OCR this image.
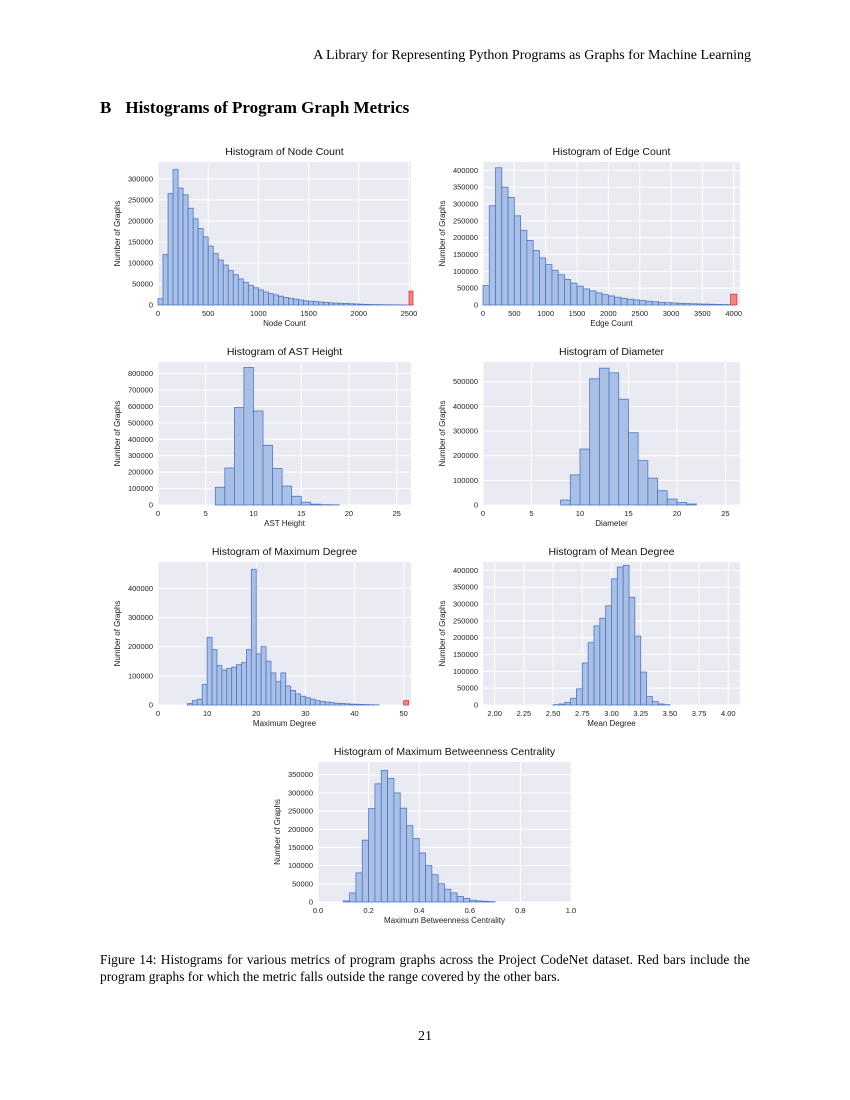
A Library for Representing Python Programs as Graphs for Machine Learning
B Histograms of Program Graph Metrics
0	500	1000	1500	2000	2500
0
50000
100000
150000
200000
250000
300000
Histogram of Node Count
Node Count
Number of Graphs
0	500 1000 1500 2000 2500 3000 3500 4000
0
50000
100000
150000
200000
250000
300000
350000
400000
Histogram of Edge Count
Edge Count
Number of Graphs
0	5	10	15	20	25
0
100000
200000
300000
400000
500000
600000
700000
800000
Histogram of AST Height
AST Height
Number of Graphs
0	5	10	15	20	25
0
100000
200000
300000
400000
500000
Histogram of Diameter
Diameter
Number of Graphs
0	10	20	30	40	50
0
100000
200000
300000
400000
Histogram of Maximum Degree
Maximum Degree
Number of Graphs
2.00 2.25 2.50 2.75 3.00 3.25 3.50 3.75 4.00
0
50000
100000
150000
200000
250000
300000
350000
400000
Histogram of Mean Degree
Mean Degree
Number of Graphs
0.0	0.2	0.4	0.6	0.8	1.0
0
50000
100000
150000
200000
250000
300000
350000
Histogram of Maximum Betweenness Centrality
Maximum Betweenness Centrality
Number of Graphs
Figure 14: Histograms for various metrics of program graphs across the Project CodeNet dataset. Red bars include the program graphs for which the metric falls outside the range covered by the other bars.
21
